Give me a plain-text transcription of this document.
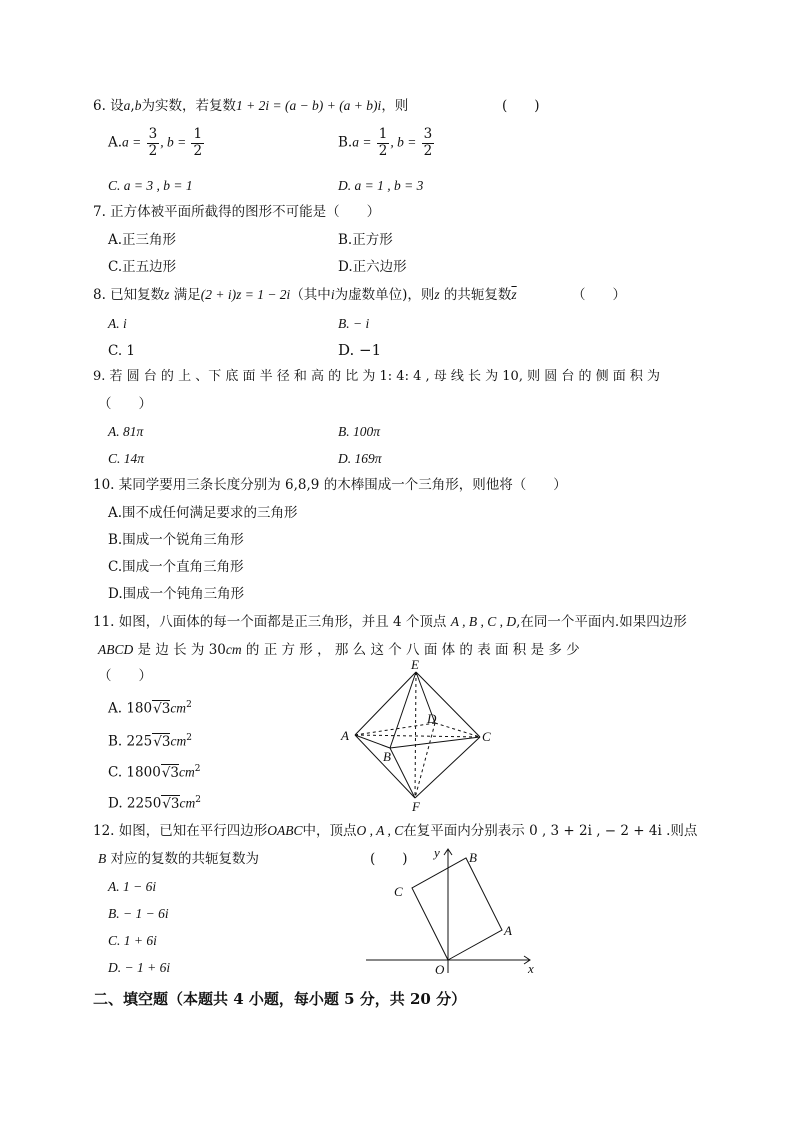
6. 设a,b为实数，若复数1 + 2i = (a − b) + (a + b)i，则	(　　)
$A.a = \frac{3}{2}$ , $b = \frac{1}{2}$	$B.a = \frac{1}{2}$ , $b = \frac{3}{2}$
C. a = 3 , b = 1	D. a = 1 , b = 3
7. 正方体被平面所截得的图形不可能是（　　）
A.正三角形	B.正方形
C.正五边形	D.正六边形
8. 已知复数z 满足(2 + i)z = 1 − 2i（其中i为虚数单位)，则z 的共轭复数$\overline{z}$	（　　）
A. i	B. − i
C. 1	D. −1
9. 若 圆 台 的 上 、下 底 面 半 径 和 高 的 比 为 1: 4: 4 , 母 线 长 为 10, 则 圆 台 的 侧 面 积 为
（　　）
A. 81π	B. 100π
C. 14π	D. 169π
10. 某同学要用三条长度分别为 6,8,9 的木棒围成一个三角形，则他将（　　）
A.围不成任何满足要求的三角形
B.围成一个锐角三角形
C.围成一个直角三角形
D.围成一个钝角三角形
11. 如图，八面体的每一个面都是正三角形，并且 4 个顶点 A , B , C , D,在同一个平面内.如果四边形
ABCD 是 边 长 为 30cm 的 正 方 形 ， 那 么 这 个 八 面 体 的 表 面 积 是 多 少
（　　）
A. $180√3cm^2$
B. $225√3cm^2$
C. $1800√3cm^2$
D. $2250√3cm^2$
E
A
D
C
B
F
12. 如图，已知在平行四边形OABC中，顶点O , A , C在复平面内分别表示 0 , 3 + 2i , − 2 + 4i .则点
B 对应的复数的共轭复数为	(　　)
A. 1 − 6i
B. − 1 − 6i
C. 1 + 6i
D. − 1 + 6i
y B
C
A
O	x
二、填空题（本题共 4 小题，每小题 5 分，共 20 分）
